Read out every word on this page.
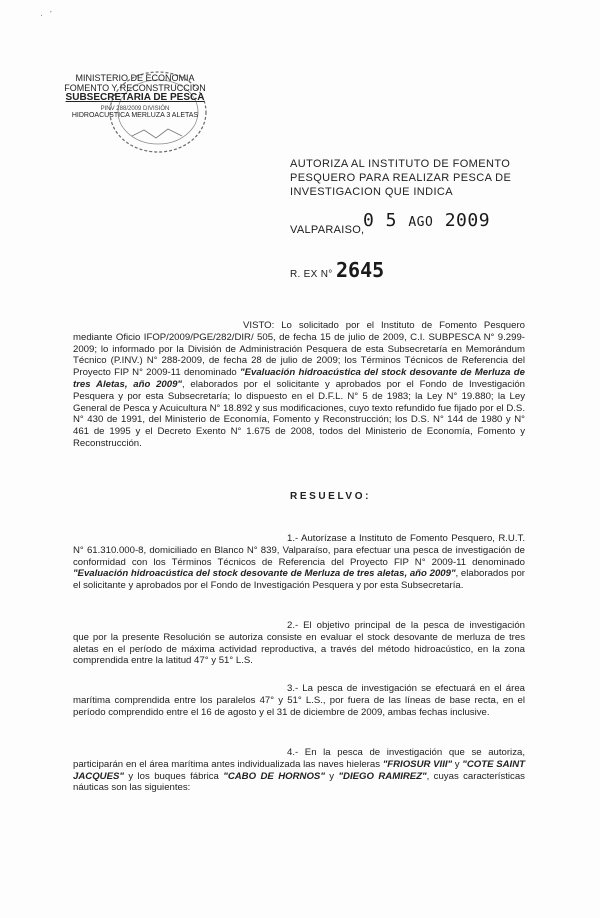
· ´
MINISTERIO DE ECONOMIA
FOMENTO Y RECONSTRUCCION
SUBSECRETARIA DE PESCA
PINV 288/2009 DIVISIÓN
HIDROACUSTICA MERLUZA 3 ALETAS
AUTORIZA AL INSTITUTO DE FOMENTO PESQUERO PARA REALIZAR PESCA DE INVESTIGACION QUE INDICA
VALPARAISO,
0 5 AGO 2009
R. EX N° 2645

VISTO: Lo solicitado por el Instituto de Fomento Pesquero mediante Oficio IFOP/2009/PGE/282/DIR/ 505, de fecha 15 de julio de 2009, C.I. SUBPESCA N° 9.299-2009; lo informado por la División de Administración Pesquera de esta Subsecretaría en Memorándum Técnico (P.INV.) N° 288-2009, de fecha 28 de julio de 2009; los Términos Técnicos de Referencia del Proyecto FIP N° 2009-11 denominado "Evaluación hidroacústica del stock desovante de Merluza de tres Aletas, año 2009", elaborados por el solicitante y aprobados por el Fondo de Investigación Pesquera y por esta Subsecretaría; lo dispuesto en el D.F.L. N° 5 de 1983; la Ley N° 19.880; la Ley General de Pesca y Acuicultura N° 18.892 y sus modificaciones, cuyo texto refundido fue fijado por el D.S. N° 430 de 1991, del Ministerio de Economía, Fomento y Reconstrucción; los D.S. N° 144 de 1980 y N° 461 de 1995 y el Decreto Exento N° 1.675 de 2008, todos del Ministerio de Economía, Fomento y Reconstrucción.

RESUELVO:

1.- Autorízase a Instituto de Fomento Pesquero, R.U.T. N° 61.310.000-8, domiciliado en Blanco N° 839, Valparaíso, para efectuar una pesca de investigación de conformidad con los Términos Técnicos de Referencia del Proyecto FIP N° 2009-11 denominado "Evaluación hidroacústica del stock desovante de Merluza de tres aletas, año 2009", elaborados por el solicitante y aprobados por el Fondo de Investigación Pesquera y por esta Subsecretaría.

2.- El objetivo principal de la pesca de investigación que por la presente Resolución se autoriza consiste en evaluar el stock desovante de merluza de tres aletas en el período de máxima actividad reproductiva, a través del método hidroacústico, en la zona comprendida entre la latitud 47° y 51° L.S.

3.- La pesca de investigación se efectuará en el área marítima comprendida entre los paralelos 47° y 51° L.S., por fuera de las líneas de base recta, en el período comprendido entre el 16 de agosto y el 31 de diciembre de 2009, ambas fechas inclusive.

4.- En la pesca de investigación que se autoriza, participarán en el área marítima antes individualizada las naves hieleras "FRIOSUR VIII" y "COTE SAINT JACQUES" y los buques fábrica "CABO DE HORNOS" y "DIEGO RAMIREZ", cuyas características náuticas son las siguientes:
